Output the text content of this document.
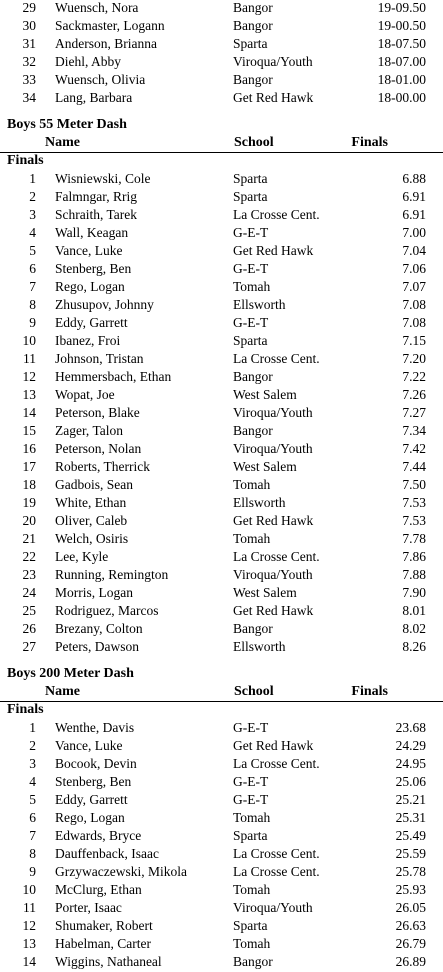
29 Wuensch, Nora	Bangor	19-09.50
30 Sackmaster, Logann	Bangor	19-00.50
31 Anderson, Brianna	Sparta	18-07.50
32 Diehl, Abby	Viroqua/Youth	18-07.00
33 Wuensch, Olivia	Bangor	18-01.00
34 Lang, Barbara	Get Red Hawk	18-00.00
Boys 55 Meter Dash
Name	School	Finals
Finals
1 Wisniewski, Cole	Sparta	6.88
2 Falmngar, Rrig	Sparta	6.91
3 Schraith, Tarek	La Crosse Cent.	6.91
4 Wall, Keagan	G-E-T	7.00
5 Vance, Luke	Get Red Hawk	7.04
6 Stenberg, Ben	G-E-T	7.06
7 Rego, Logan	Tomah	7.07
8 Zhusupov, Johnny	Ellsworth	7.08
9 Eddy, Garrett	G-E-T	7.08
10 Ibanez, Froi	Sparta	7.15
11 Johnson, Tristan	La Crosse Cent.	7.20
12 Hemmersbach, Ethan	Bangor	7.22
13 Wopat, Joe	West Salem	7.26
14 Peterson, Blake	Viroqua/Youth	7.27
15 Zager, Talon	Bangor	7.34
16 Peterson, Nolan	Viroqua/Youth	7.42
17 Roberts, Therrick	West Salem	7.44
18 Gadbois, Sean	Tomah	7.50
19 White, Ethan	Ellsworth	7.53
20 Oliver, Caleb	Get Red Hawk	7.53
21 Welch, Osiris	Tomah	7.78
22 Lee, Kyle	La Crosse Cent.	7.86
23 Running, Remington	Viroqua/Youth	7.88
24 Morris, Logan	West Salem	7.90
25 Rodriguez, Marcos	Get Red Hawk	8.01
26 Brezany, Colton	Bangor	8.02
27 Peters, Dawson	Ellsworth	8.26
Boys 200 Meter Dash
Name	School	Finals
Finals
1 Wenthe, Davis	G-E-T	23.68
2 Vance, Luke	Get Red Hawk	24.29
3 Bocook, Devin	La Crosse Cent.	24.95
4 Stenberg, Ben	G-E-T	25.06
5 Eddy, Garrett	G-E-T	25.21
6 Rego, Logan	Tomah	25.31
7 Edwards, Bryce	Sparta	25.49
8 Dauffenback, Isaac	La Crosse Cent.	25.59
9 Grzywaczewski, Mikola	La Crosse Cent.	25.78
10 McClurg, Ethan	Tomah	25.93
11 Porter, Isaac	Viroqua/Youth	26.05
12 Shumaker, Robert	Sparta	26.63
13 Habelman, Carter	Tomah	26.79
14 Wiggins, Nathaneal	Bangor	26.89
